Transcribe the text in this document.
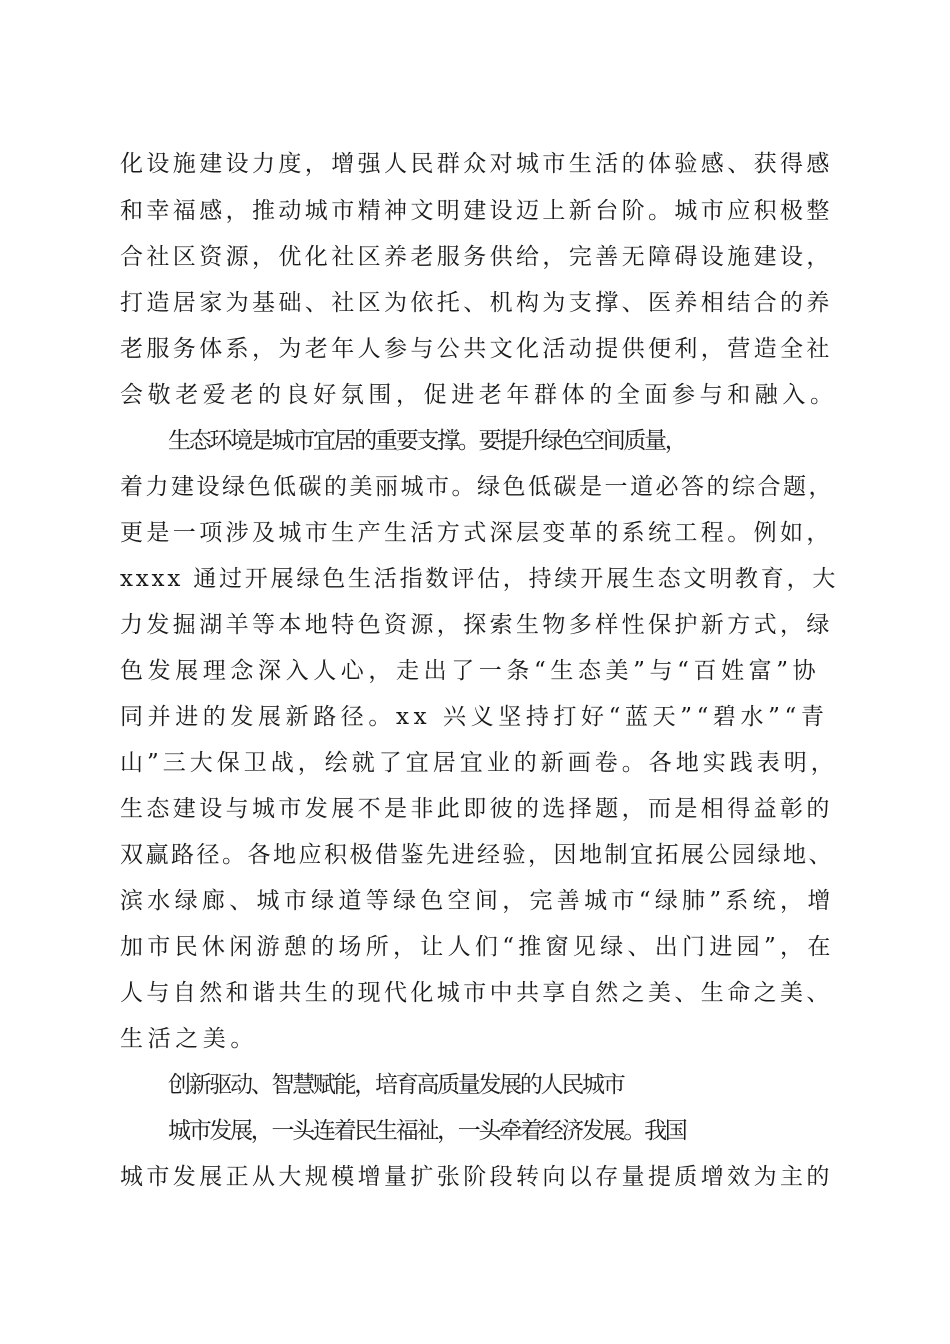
化设施建设力度，增强人民群众对城市生活的体验感、获得感
和幸福感，推动城市精神文明建设迈上新台阶。城市应积极整
合社区资源，优化社区养老服务供给，完善无障碍设施建设，
打造居家为基础、社区为依托、机构为支撑、医养相结合的养
老服务体系，为老年人参与公共文化活动提供便利，营造全社
会敬老爱老的良好氛围，促进老年群体的全面参与和融入。
生态环境是城市宜居的重要支撑。要提升绿色空间质量，
着力建设绿色低碳的美丽城市。绿色低碳是一道必答的综合题，
更是一项涉及城市生产生活方式深层变革的系统工程。例如，
xxxx 通过开展绿色生活指数评估，持续开展生态文明教育，大
力发掘湖羊等本地特色资源，探索生物多样性保护新方式，绿
色发展理念深入人心，走出了一条“生态美”与“百姓富”协
同并进的发展新路径。xx 兴义坚持打好“蓝天”“碧水”“青
山”三大保卫战，绘就了宜居宜业的新画卷。各地实践表明，
生态建设与城市发展不是非此即彼的选择题，而是相得益彰的
双赢路径。各地应积极借鉴先进经验，因地制宜拓展公园绿地、
滨水绿廊、城市绿道等绿色空间，完善城市“绿肺”系统，增
加市民休闲游憩的场所，让人们“推窗见绿、出门进园”，在
人与自然和谐共生的现代化城市中共享自然之美、生命之美、
生活之美。
创新驱动、智慧赋能，培育高质量发展的人民城市
城市发展，一头连着民生福祉，一头牵着经济发展。我国
城市发展正从大规模增量扩张阶段转向以存量提质增效为主的
